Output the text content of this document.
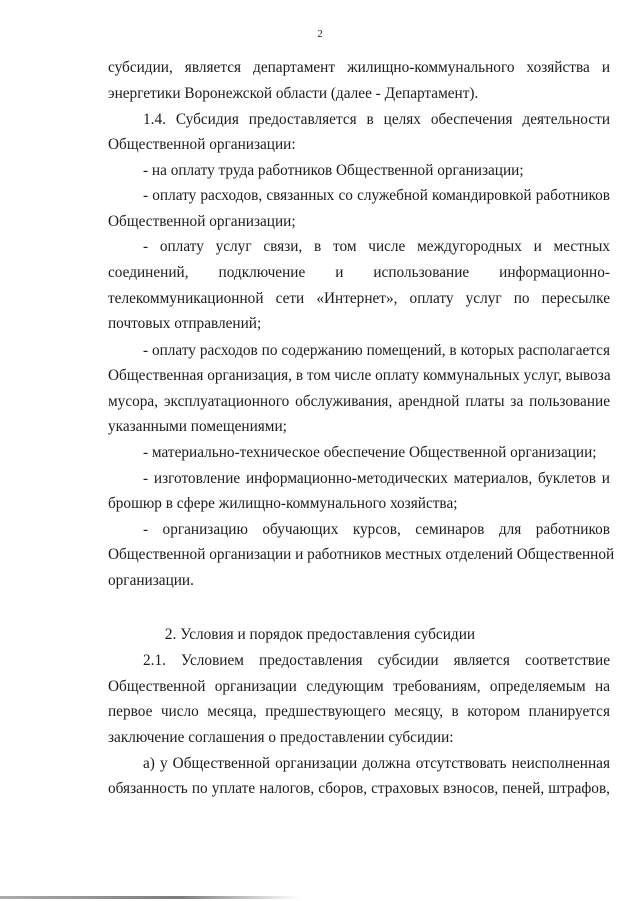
2
субсидии, является департамент жилищно-коммунального хозяйства и
энергетики Воронежской области (далее - Департамент).
1.4. Субсидия предоставляется в целях обеспечения деятельности
Общественной организации:
- на оплату труда работников Общественной организации;
- оплату расходов, связанных со служебной командировкой работников
Общественной организации;
- оплату услуг связи, в том числе междугородных и местных
соединений, подключение и использование информационно-
телекоммуникационной сети «Интернет», оплату услуг по пересылке
почтовых отправлений;
- оплату расходов по содержанию помещений, в которых располагается
Общественная организация, в том числе оплату коммунальных услуг, вывоза
мусора, эксплуатационного обслуживания, арендной платы за пользование
указанными помещениями;
- материально-техническое обеспечение Общественной организации;
- изготовление информационно-методических материалов, буклетов и
брошюр в сфере жилищно-коммунального хозяйства;
- организацию обучающих курсов, семинаров для работников
Общественной организации и работников местных отделений Общественной
организации.
2. Условия и порядок предоставления субсидии
2.1. Условием предоставления субсидии является соответствие
Общественной организации следующим требованиям, определяемым на
первое число месяца, предшествующего месяцу, в котором планируется
заключение соглашения о предоставлении субсидии:
а) у Общественной организации должна отсутствовать неисполненная
обязанность по уплате налогов, сборов, страховых взносов, пеней, штрафов,
